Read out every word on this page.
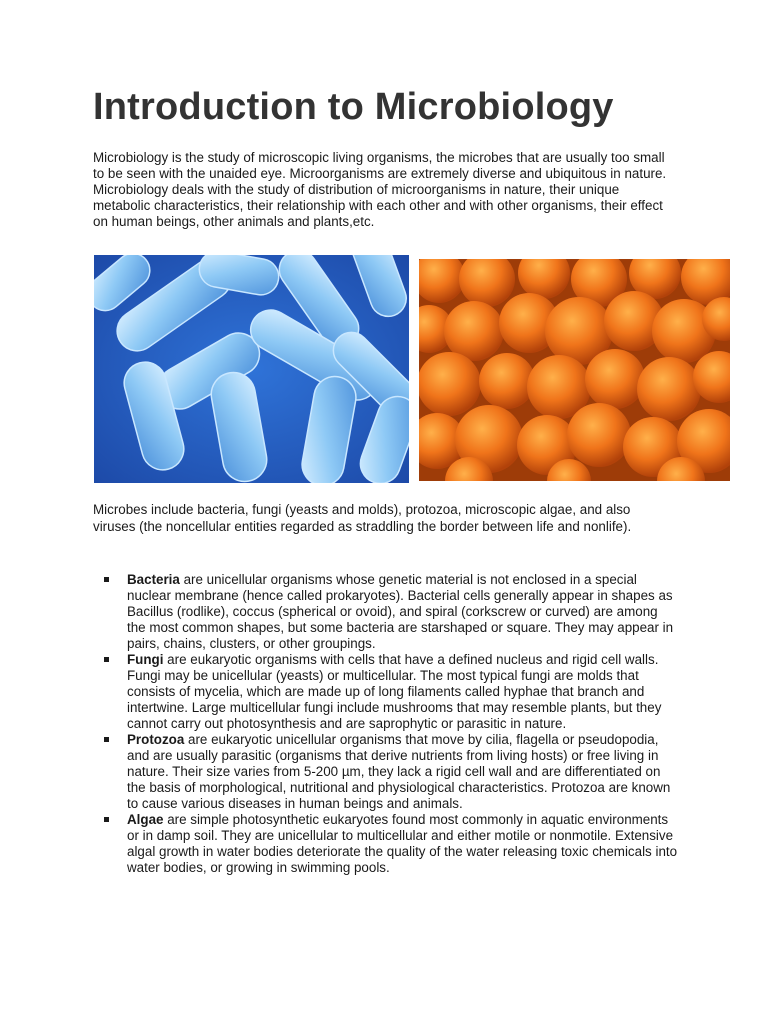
Introduction to Microbiology

Microbiology is the study of microscopic living organisms, the microbes that are usually too small to be seen with the unaided eye. Microorganisms are extremely diverse and ubiquitous in nature. Microbiology deals with the study of distribution of microorganisms in nature, their unique metabolic characteristics, their relationship with each other and with other organisms, their effect on human beings, other animals and plants,etc.

Microbes include bacteria, fungi (yeasts and molds), protozoa, microscopic algae, and also viruses (the noncellular entities regarded as straddling the border between life and nonlife).

Bacteria are unicellular organisms whose genetic material is not enclosed in a special nuclear membrane (hence called prokaryotes). Bacterial cells generally appear in shapes as Bacillus (rodlike), coccus (spherical or ovoid), and spiral (corkscrew or curved) are among the most common shapes, but some bacteria are starshaped or square. They may appear in pairs, chains, clusters, or other groupings.
Fungi are eukaryotic organisms with cells that have a defined nucleus and rigid cell walls. Fungi may be unicellular (yeasts) or multicellular. The most typical fungi are molds that consists of mycelia, which are made up of long filaments called hyphae that branch and intertwine. Large multicellular fungi include mushrooms that may resemble plants, but they cannot carry out photosynthesis and are saprophytic or parasitic in nature.
Protozoa are eukaryotic unicellular organisms that move by cilia, flagella or pseudopodia, and are usually parasitic (organisms that derive nutrients from living hosts) or free living in nature. Their size varies from 5-200 µm, they lack a rigid cell wall and are differentiated on the basis of morphological, nutritional and physiological characteristics. Protozoa are known to cause various diseases in human beings and animals.
Algae are simple photosynthetic eukaryotes found most commonly in aquatic environments or in damp soil. They are unicellular to multicellular and either motile or nonmotile. Extensive algal growth in water bodies deteriorate the quality of the water releasing toxic chemicals into water bodies, or growing in swimming pools.
